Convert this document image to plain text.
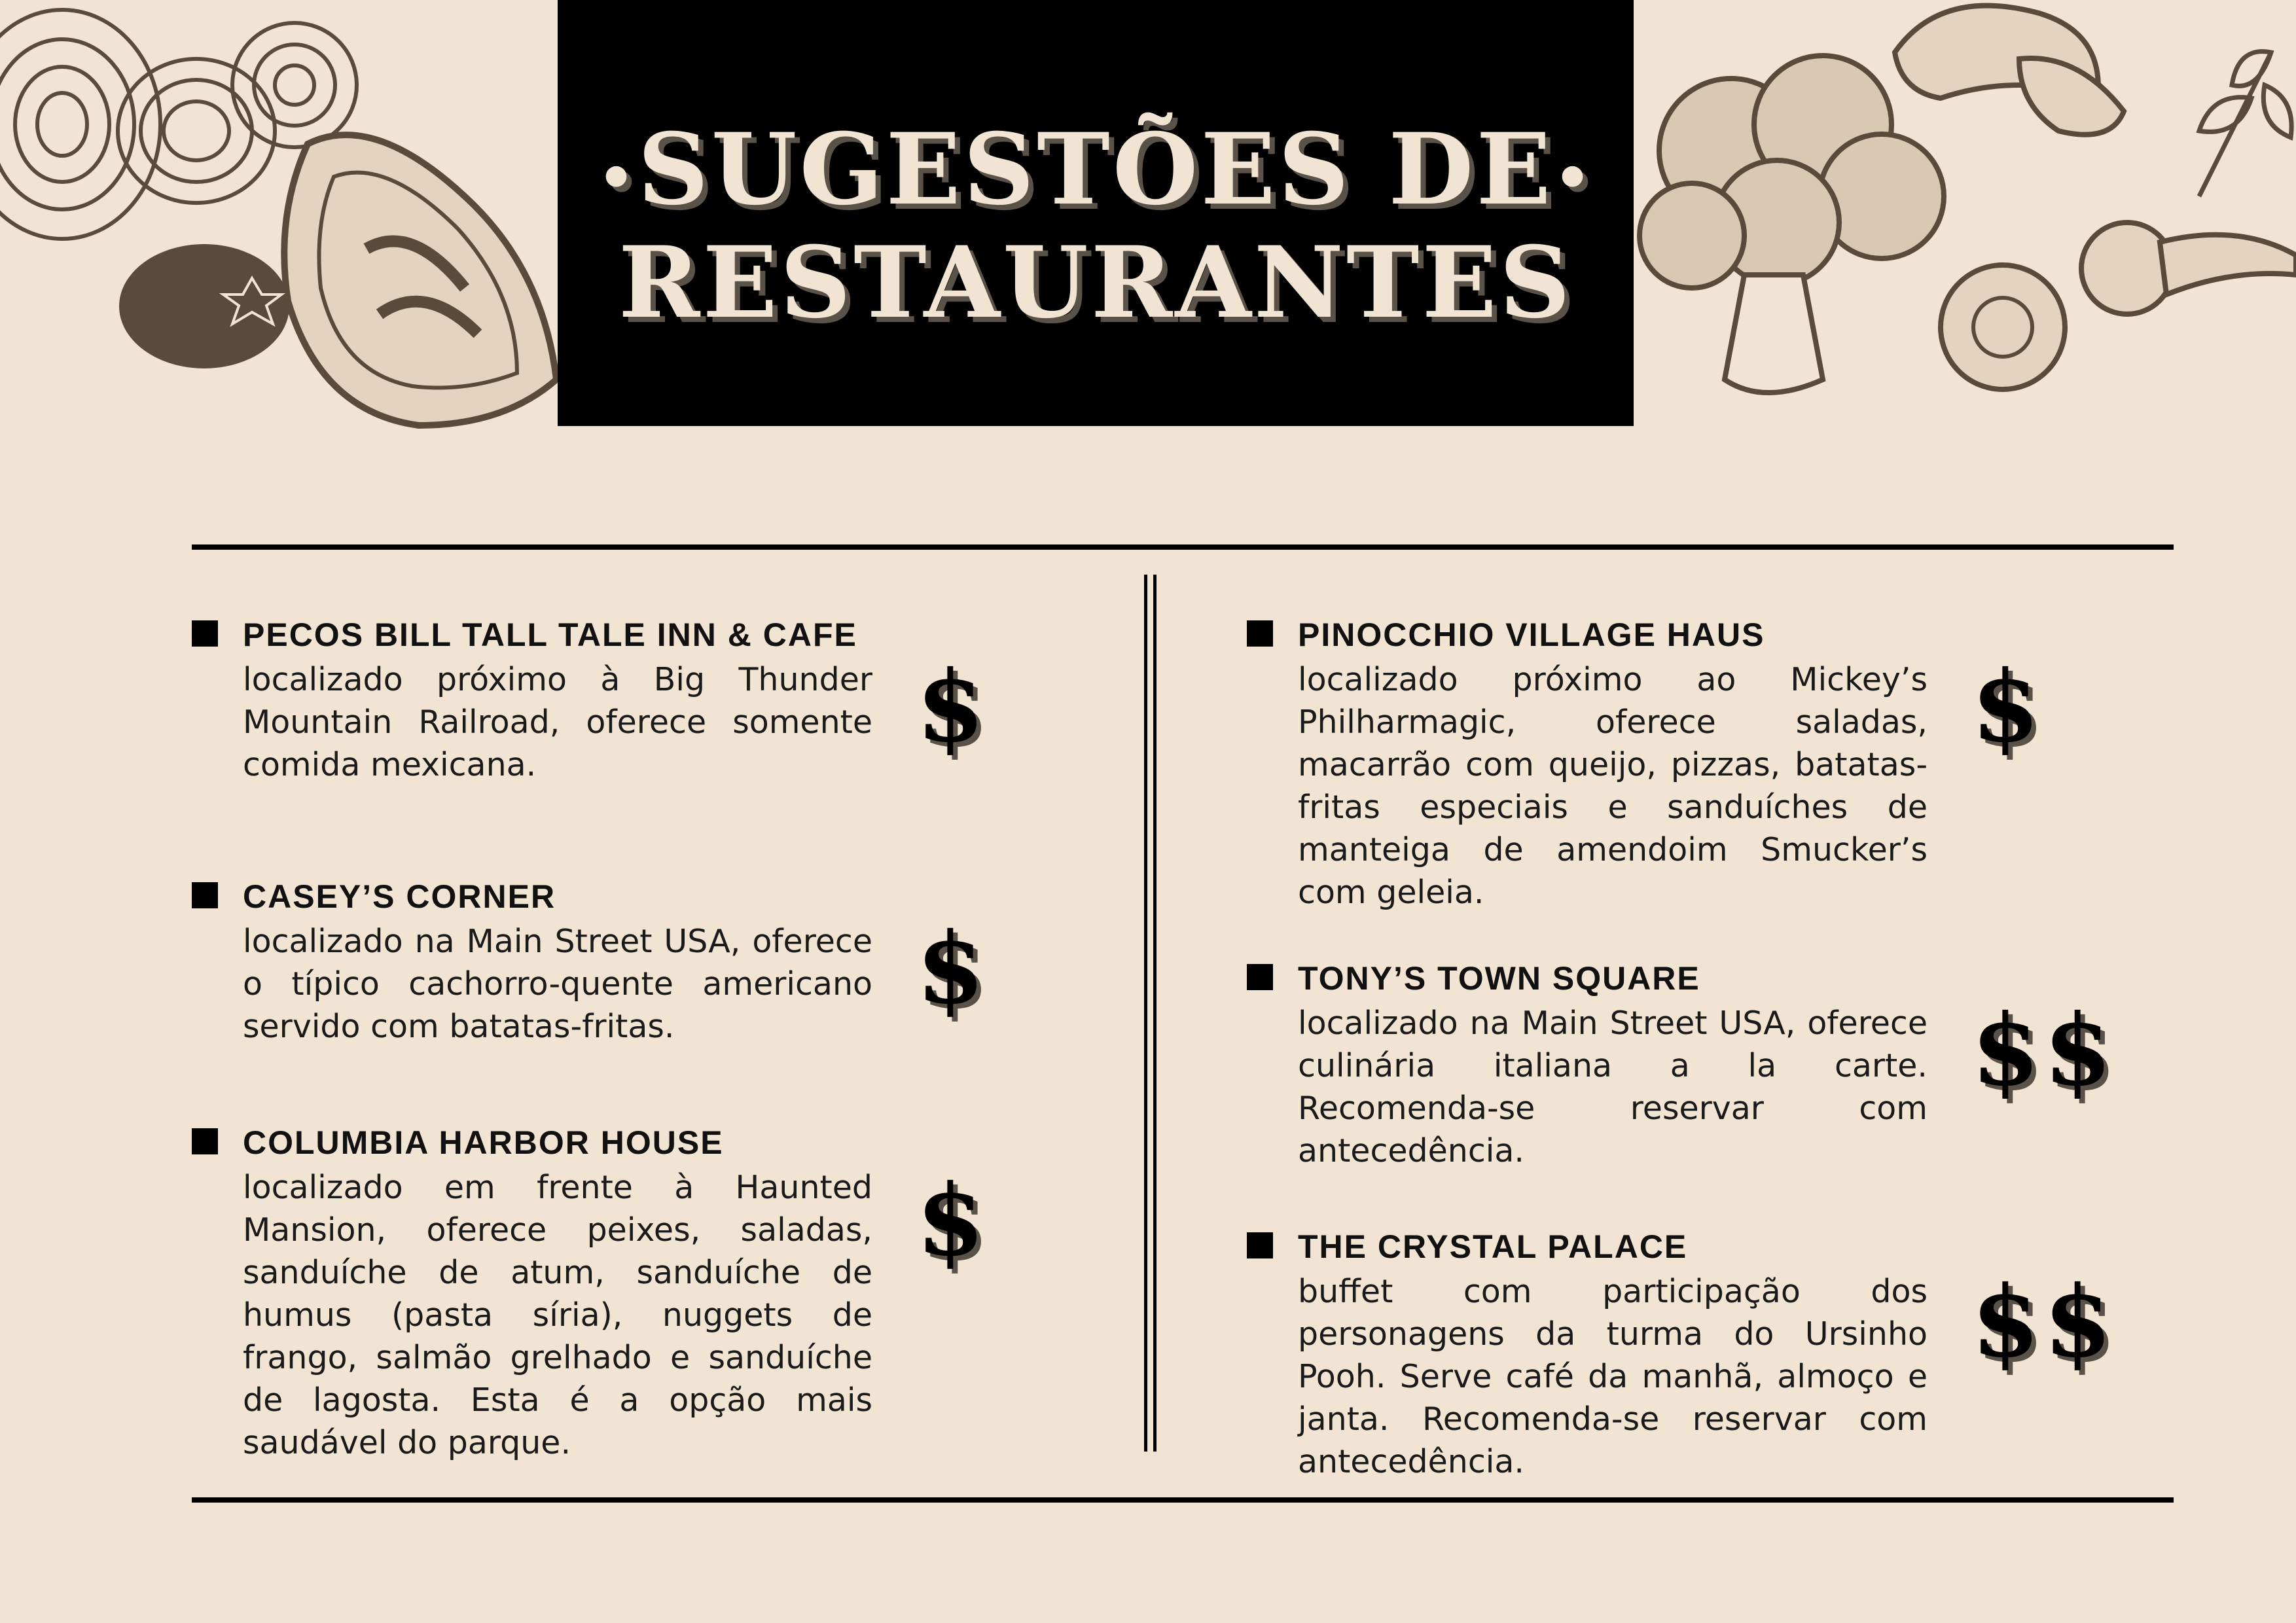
•SUGESTÕES DE•
RESTAURANTES
PECOS BILL TALL TALE INN & CAFE
localizado próximo à Big Thunder Mountain Railroad, oferece somente comida mexicana.
$
CASEY’S CORNER
localizado na Main Street USA, oferece o típico cachorro-quente americano servido com batatas-fritas.
$
COLUMBIA HARBOR HOUSE
localizado em frente à Haunted Mansion, oferece peixes, saladas, sanduíche de atum, sanduíche de humus (pasta síria), nuggets de frango, salmão grelhado e sanduíche de lagosta. Esta é a opção mais saudável do parque.
$
PINOCCHIO VILLAGE HAUS
localizado próximo ao Mickey’s Philharmagic, oferece saladas, macarrão com queijo, pizzas, batatas-fritas especiais e sanduíches de manteiga de amendoim Smucker’s com geleia.
$
TONY’S TOWN SQUARE
localizado na Main Street USA, oferece culinária italiana a la carte. Recomenda-se reservar com antecedência.
$$
THE CRYSTAL PALACE
buffet com participação dos personagens da turma do Ursinho Pooh. Serve café da manhã, almoço e janta. Recomenda-se reservar com antecedência.
$$
